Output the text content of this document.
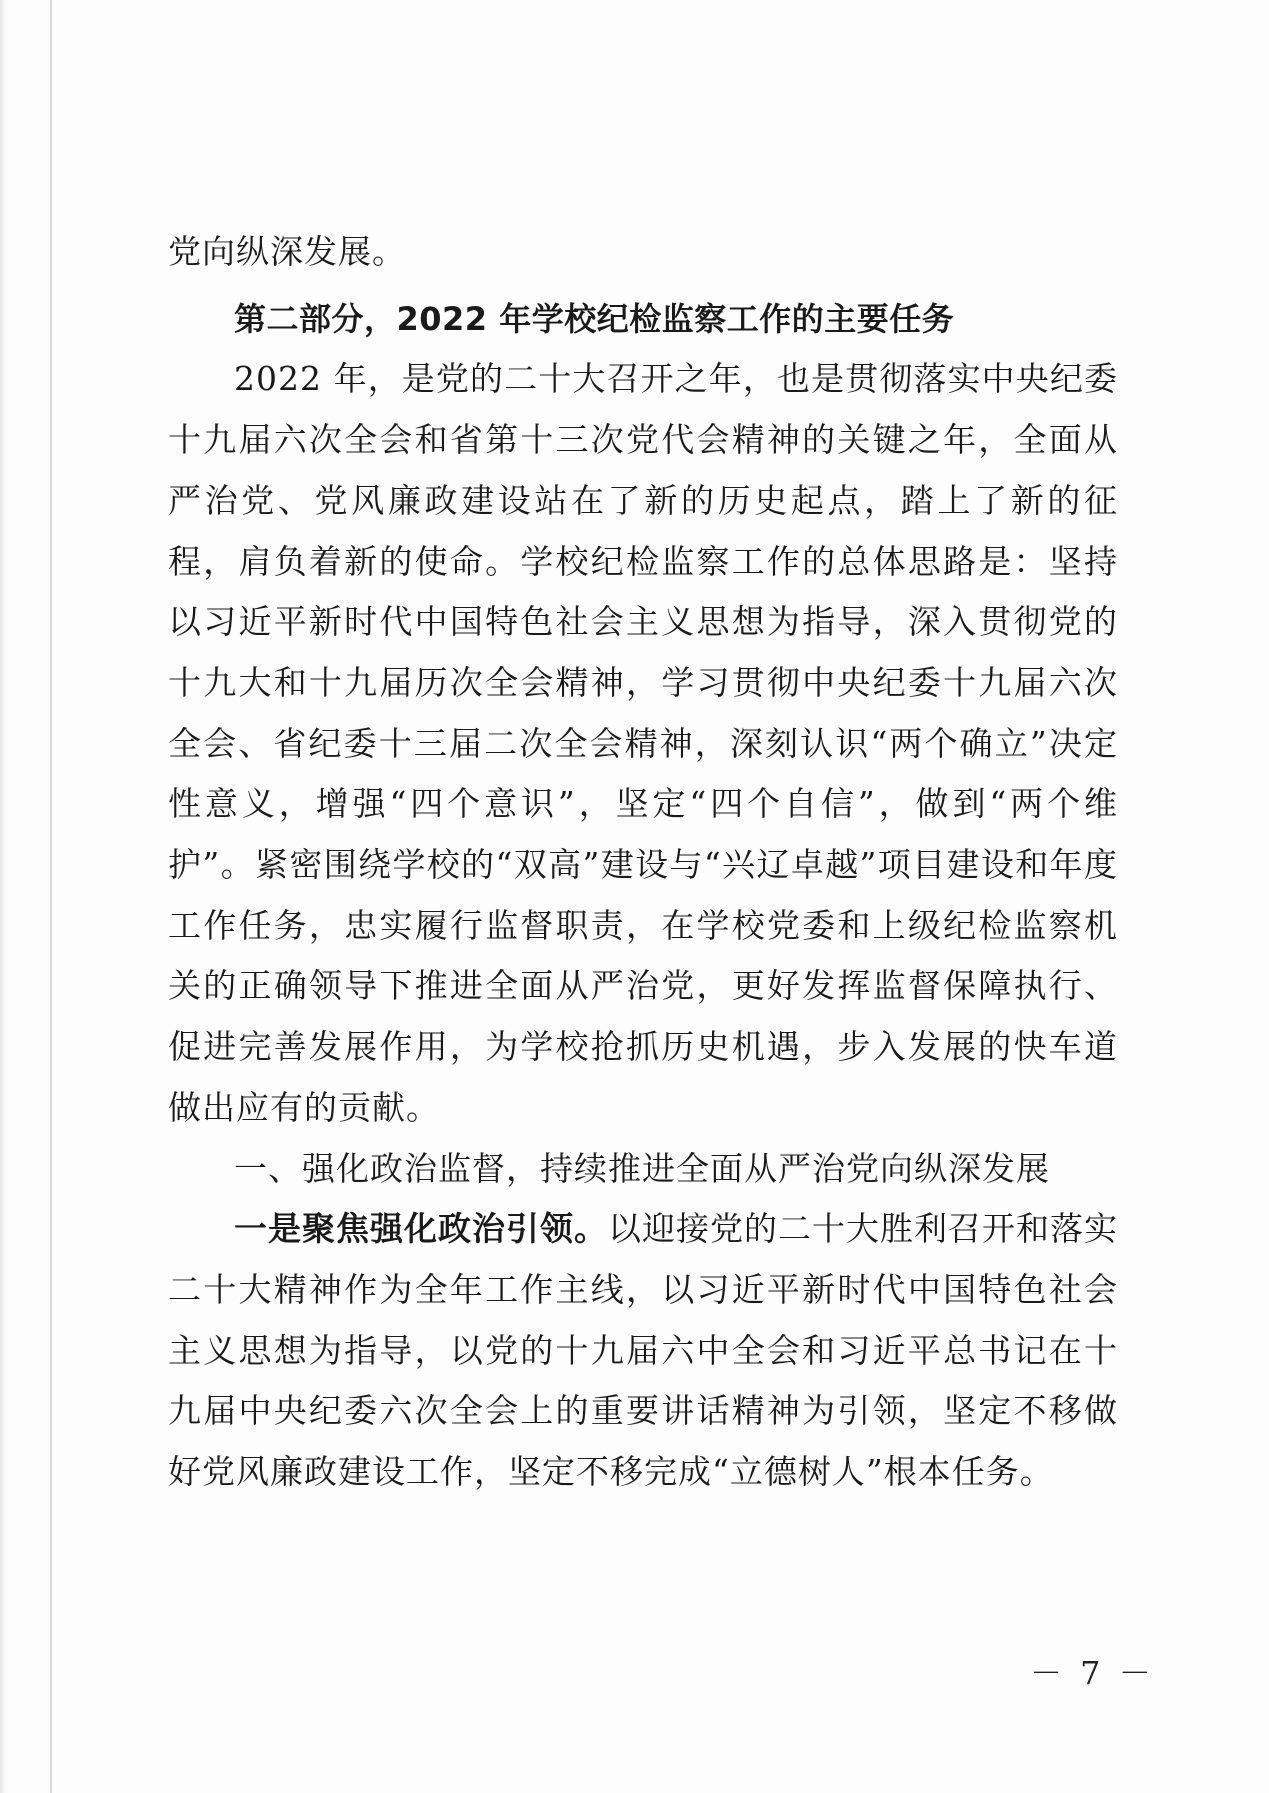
党向纵深发展。

第二部分，2022 年学校纪检监察工作的主要任务

2022 年，是党的二十大召开之年，也是贯彻落实中央纪委十九届六次全会和省第十三次党代会精神的关键之年，全面从严治党、党风廉政建设站在了新的历史起点，踏上了新的征程，肩负着新的使命。学校纪检监察工作的总体思路是：坚持以习近平新时代中国特色社会主义思想为指导，深入贯彻党的十九大和十九届历次全会精神，学习贯彻中央纪委十九届六次全会、省纪委十三届二次全会精神，深刻认识“两个确立”决定性意义，增强“四个意识”，坚定“四个自信”，做到“两个维护”。紧密围绕学校的“双高”建设与“兴辽卓越”项目建设和年度工作任务，忠实履行监督职责，在学校党委和上级纪检监察机关的正确领导下推进全面从严治党，更好发挥监督保障执行、促进完善发展作用，为学校抢抓历史机遇，步入发展的快车道做出应有的贡献。

一、强化政治监督，持续推进全面从严治党向纵深发展

一是聚焦强化政治引领。以迎接党的二十大胜利召开和落实二十大精神作为全年工作主线，以习近平新时代中国特色社会主义思想为指导，以党的十九届六中全会和习近平总书记在十九届中央纪委六次全会上的重要讲话精神为引领，坚定不移做好党风廉政建设工作，坚定不移完成“立德树人”根本任务。

－ 7 －
